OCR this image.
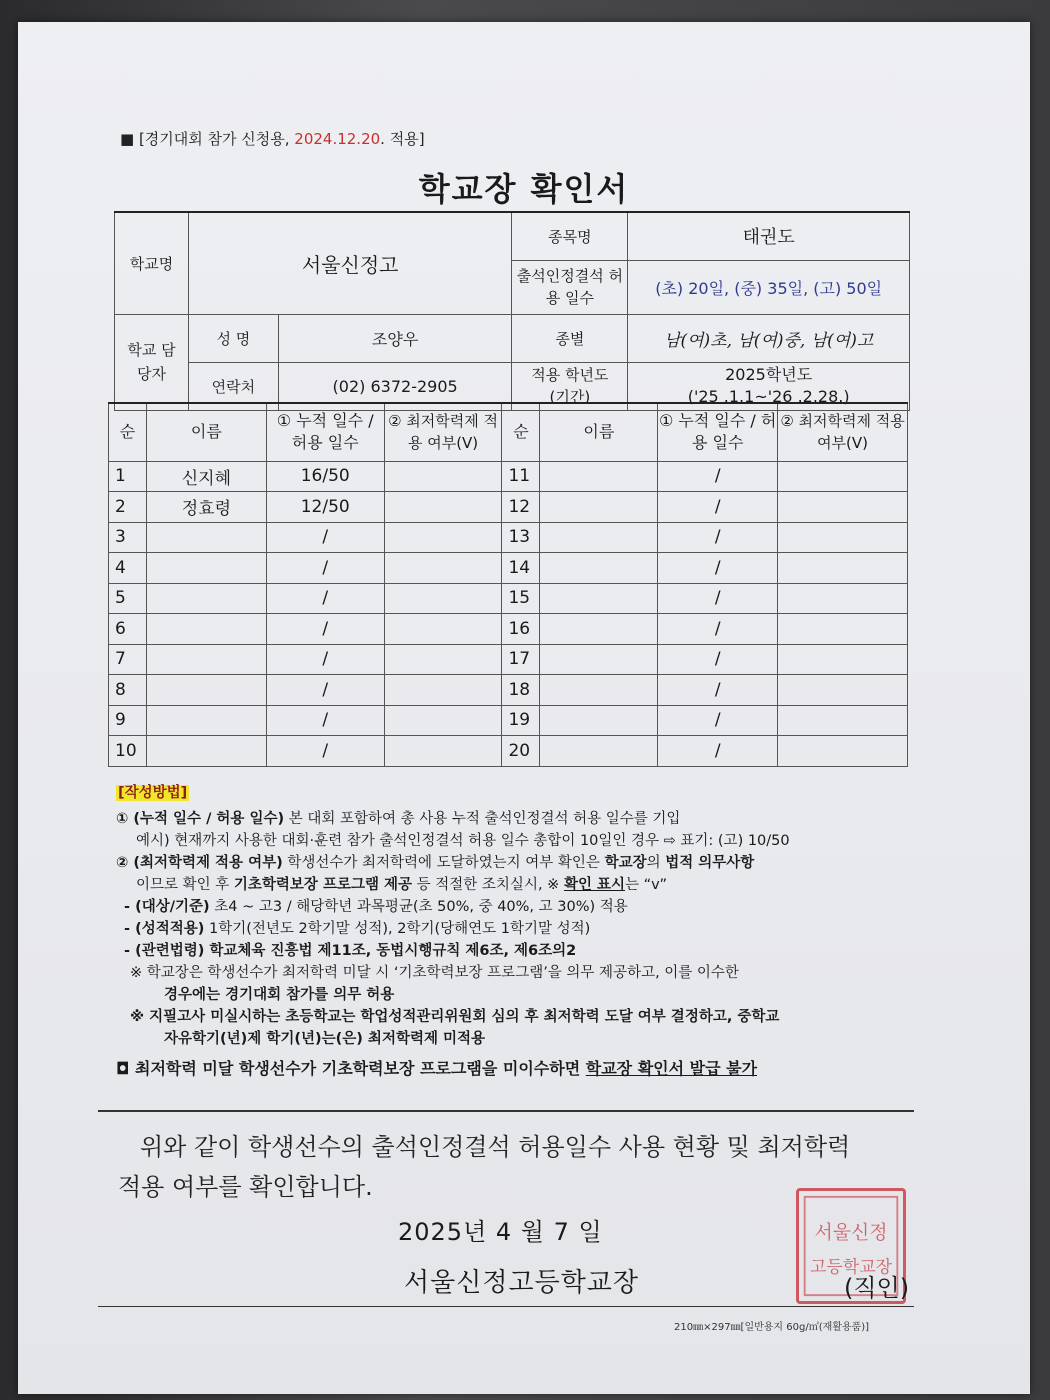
■ [경기대회 참가 신청용, 2024.12.20. 적용]
학교장 확인서
학교명	서울신정고		종목명	태권도
			출석인정결석 허용 일수	(초) 20일, (중) 35일, (고) 50일
학교 담당자	성 명	조양우	종별	남(여)초, 남(여)중, 남(여)고
	연락처	(02) 6372-2905	적용 학년도 (기간)	2025학년도
('25 .1.1~'26 .2.28.)
순	이름	① 누적 일수 / 허용 일수	② 최저학력제 적용 여부(V)	순	이름	① 누적 일수 / 허용 일수	② 최저학력제 적용 여부(V)
1	신지혜	16/50		11		/	
2	정효령	12/50		12		/	
3		/		13		/	
4		/		14		/	
5		/		15		/	
6		/		16		/	
7		/		17		/	
8		/		18		/	
9		/		19		/	
10		/		20		/	

[작성방법]

① (누적 일수 / 허용 일수) 본 대회 포함하여 총 사용 누적 출석인정결석 허용 일수를 기입

예시) 현재까지 사용한 대회·훈련 참가 출석인정결석 허용 일수 총합이 10일인 경우 ⇨ 표기: (고) 10/50

② (최저학력제 적용 여부) 학생선수가 최저학력에 도달하였는지 여부 확인은 학교장의 법적 의무사항

이므로 확인 후 기초학력보장 프로그램 제공 등 적절한 조치실시, ※ 확인 표시는 “v”

- (대상/기준) 초4 ~ 고3 / 해당학년 과목평균(초 50%, 중 40%, 고 30%) 적용

- (성적적용) 1학기(전년도 2학기말 성적), 2학기(당해연도 1학기말 성적)

- (관련법령) 학교체육 진흥법 제11조, 동법시행규칙 제6조, 제6조의2

※ 학교장은 학생선수가 최저학력 미달 시 ‘기초학력보장 프로그램’을 의무 제공하고, 이를 이수한

경우에는 경기대회 참가를 의무 허용

※ 지필고사 미실시하는 초등학교는 학업성적관리위원회 심의 후 최저학력 도달 여부 결정하고, 중학교

자유학기(년)제 학기(년)는(은) 최저학력제 미적용

◘ 최저학력 미달 학생선수가 기초학력보장 프로그램을 미이수하면 학교장 확인서 발급 불가

위와 같이 학생선수의 출석인정결석 허용일수 사용 현황 및 최저학력
적용 여부를 확인합니다.
2025년 4 월 7 일
서울신정고등학교장
서울신정
고등학교장
(직인)
210㎜×297㎜[일반용지 60g/㎡(재활용품)]
